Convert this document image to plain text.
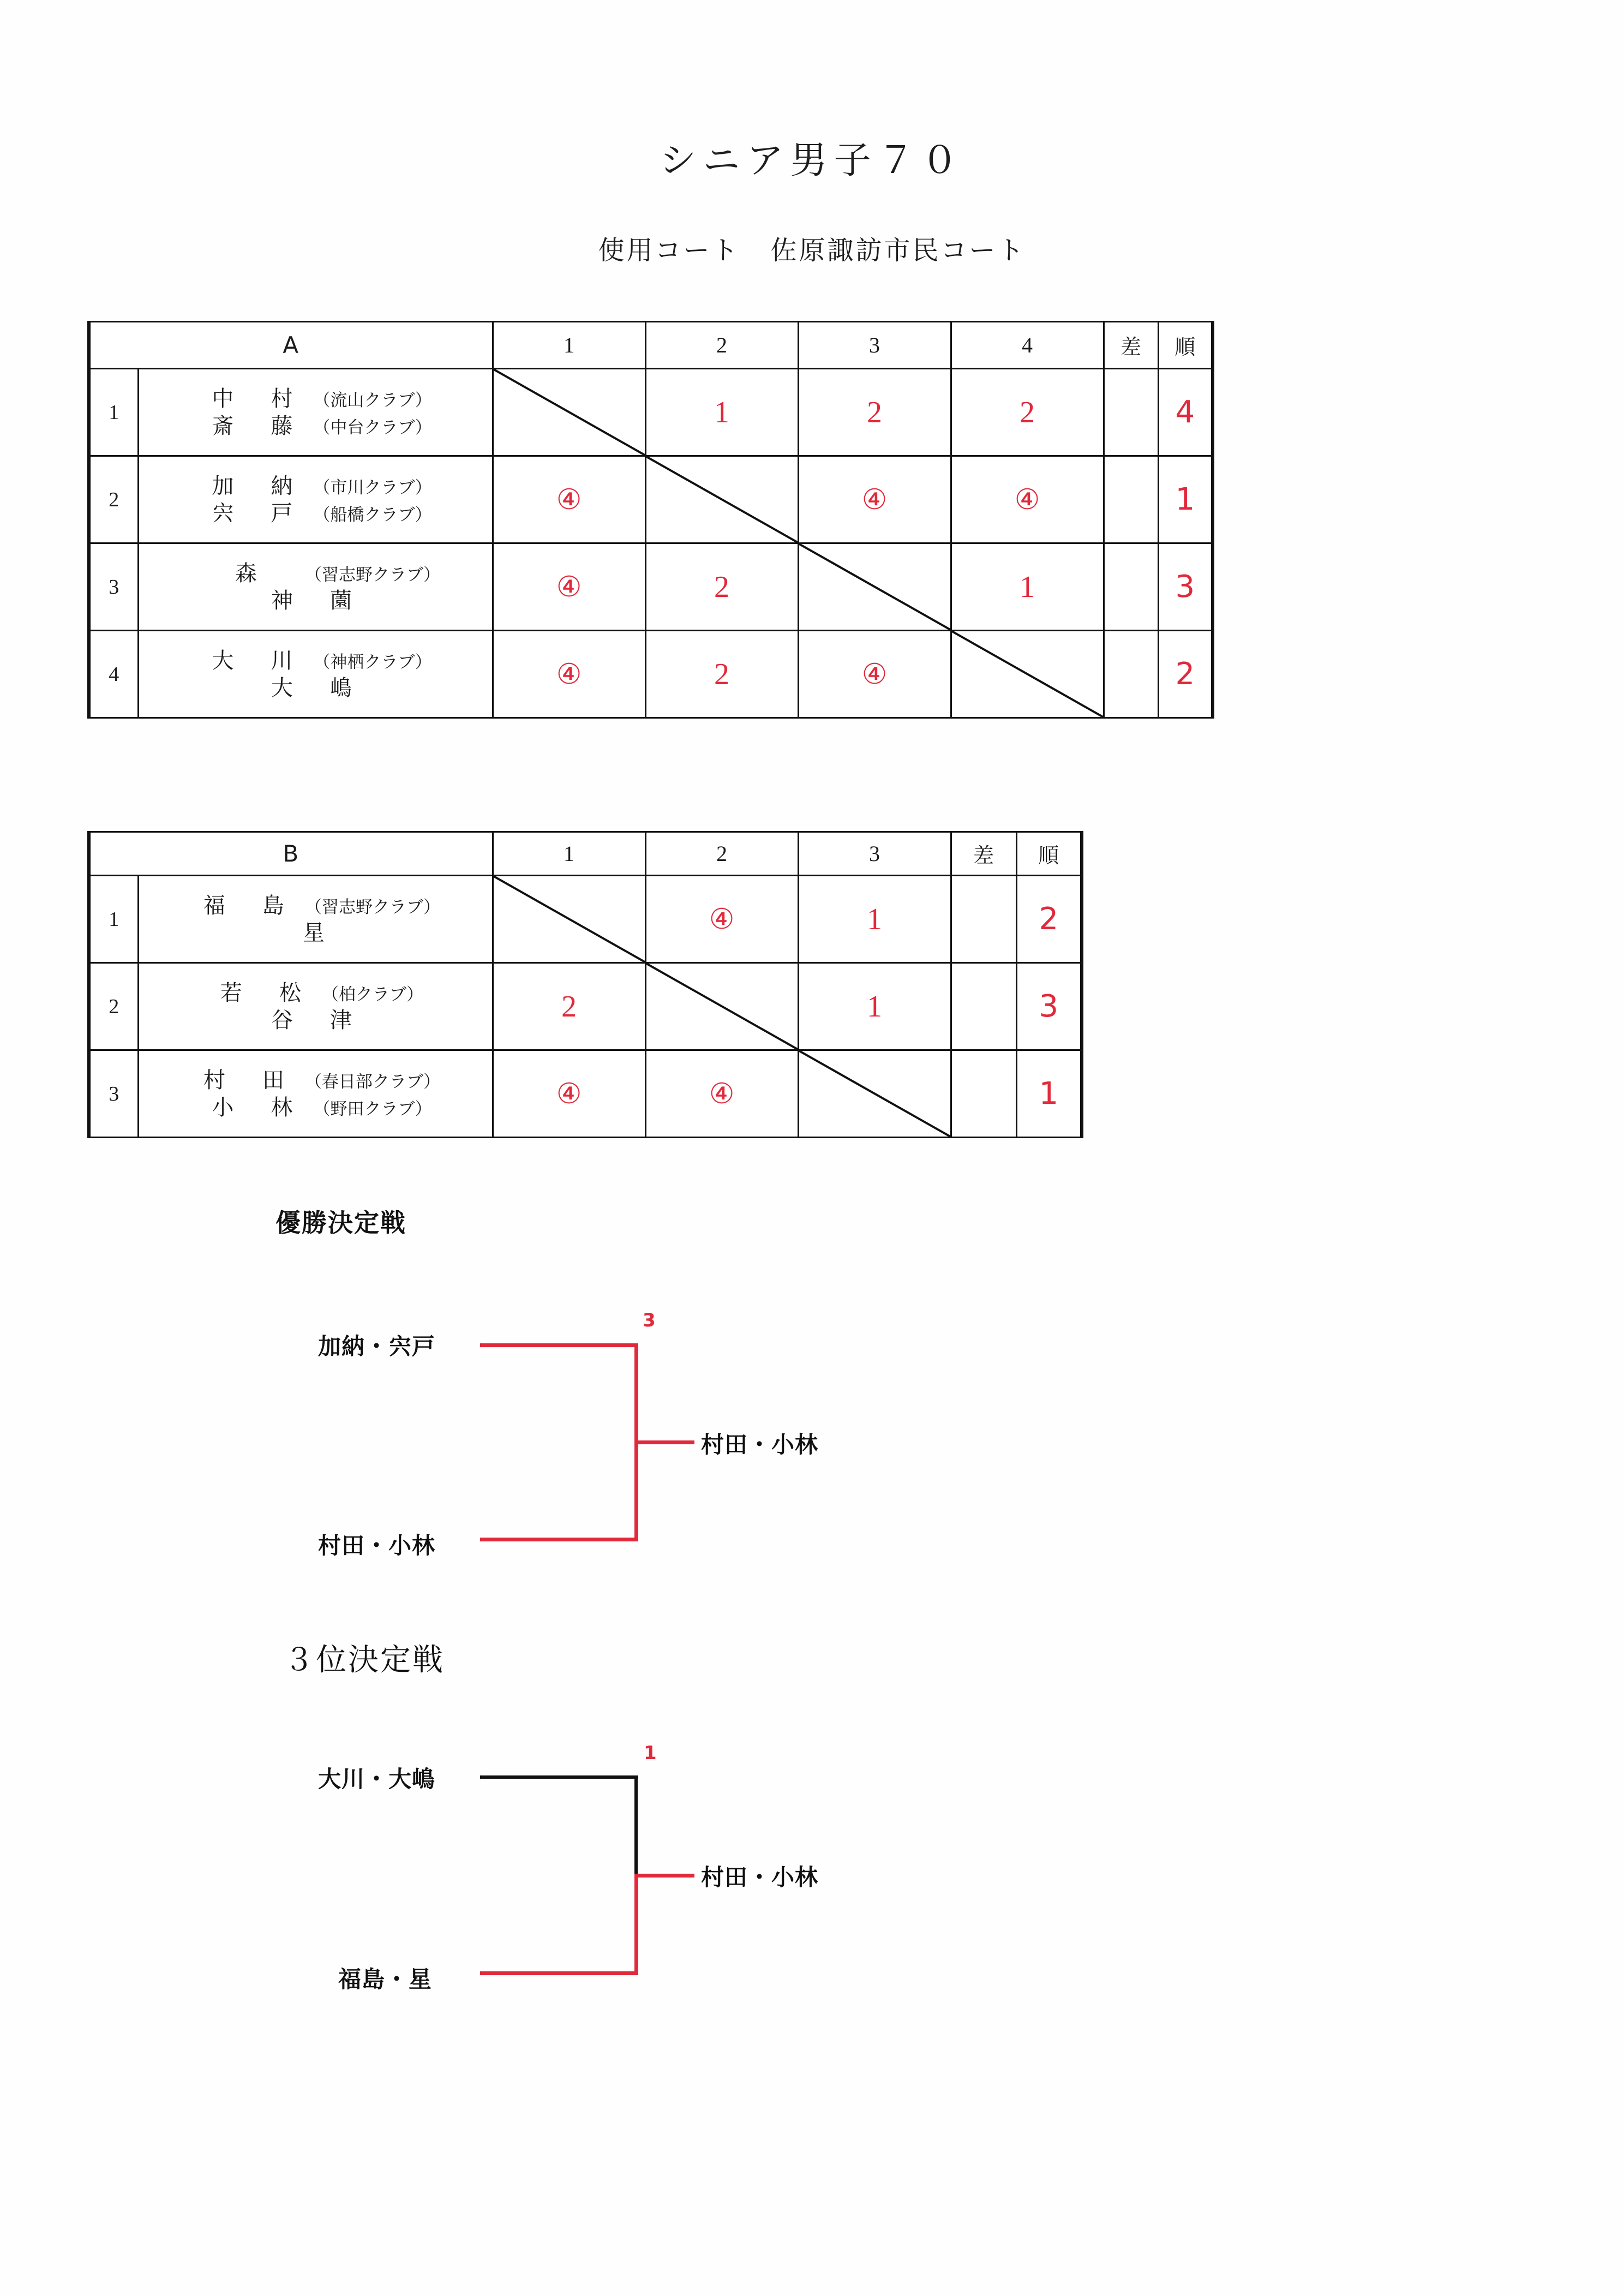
シニア男子７０
使用コート 佐原諏訪市民コート
A		1	2	3	4	差	順
1	中　村 （流山クラブ）
斎　藤 （中台クラブ）		1	2	2		4
2	加　納 （市川クラブ）
宍　戸 （船橋クラブ）	④		④	④		1
3	森 （習志野クラブ）
神　薗	④	2		1		3
4	大　川 （神栖クラブ）
大　嶋	④	2	④			2
B		1	2	3	差	順
1	福　島 （習志野クラブ）
星		④	1		2
2	若　松 （柏クラブ）
谷　津	2		1		3
3	村　田 （春日部クラブ）
小　林 （野田クラブ）	④	④			1
優勝決定戦
加納・宍戸
3
村田・小林
村田・小林
３位決定戦
大川・大嶋
1
福島・星
村田・小林
